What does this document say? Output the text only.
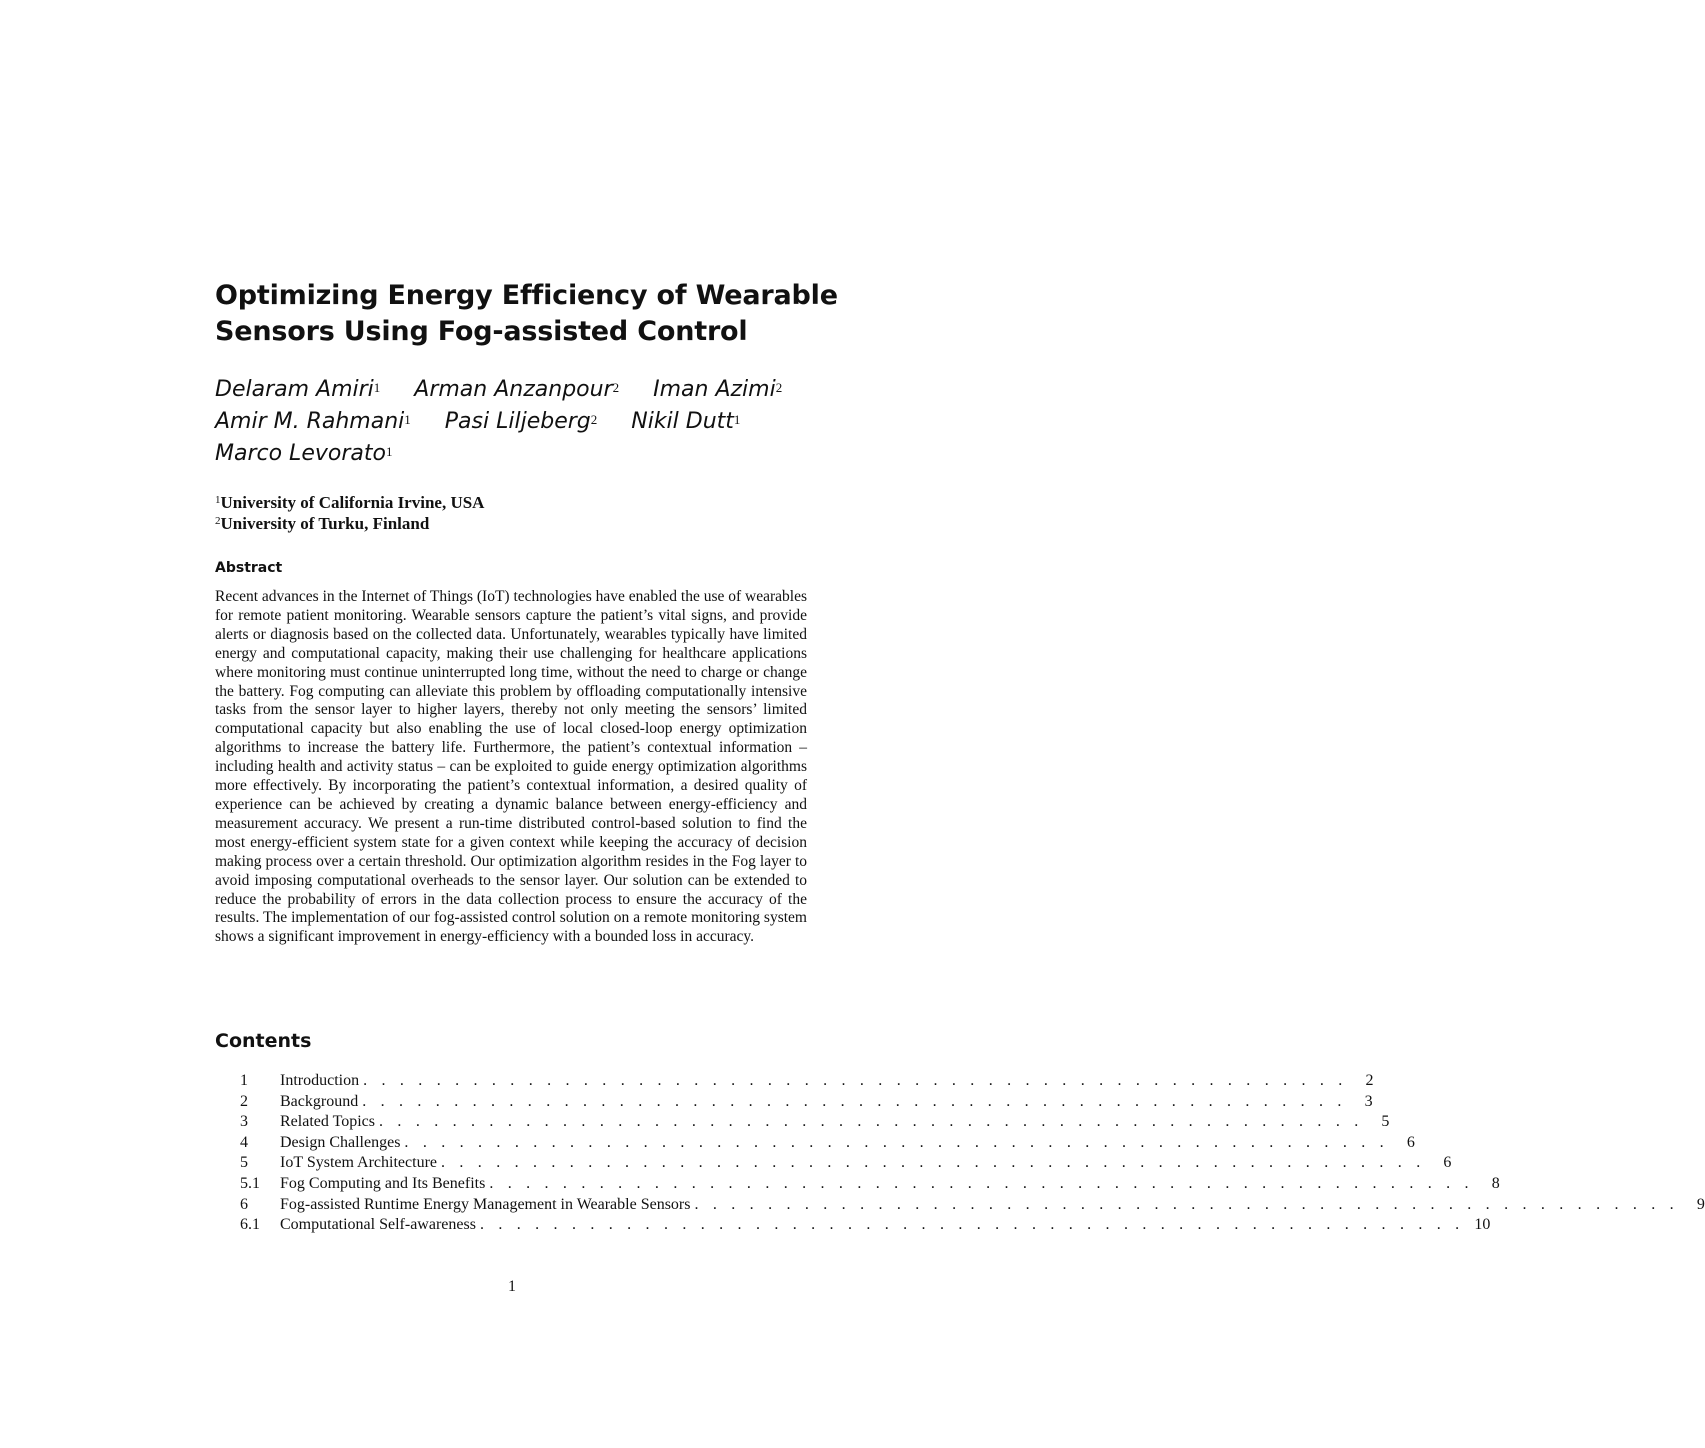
Optimizing Energy Efficiency of Wearable
Sensors Using Fog-assisted Control
Delaram Amiri$^1$ Arman Anzanpour$^2$ Iman Azimi$^2$
Amir M. Rahmani$^1$ Pasi Liljeberg$^2$ Nikil Dutt$^1$
Marco Levorato$^1$
$^1$University of California Irvine, USA
$^2$University of Turku, Finland
Abstract

Recent advances in the Internet of Things (IoT) technologies have enabled the use of wearables for remote patient monitoring. Wearable sensors capture the patient’s vital signs, and provide alerts or diagnosis based on the collected data. Unfortunately, wearables typically have limited energy and computational capacity, making their use challenging for healthcare applications where monitoring must continue uninterrupted long time, without the need to charge or change the battery. Fog computing can alleviate this problem by offloading computationally intensive tasks from the sensor layer to higher layers, thereby not only meeting the sensors’ limited computational capacity but also enabling the use of local closed-loop energy optimization algorithms to increase the battery life. Furthermore, the patient’s contextual information – including health and activity status – can be exploited to guide energy optimization algorithms more effectively. By incorporating the patient’s contextual information, a desired quality of experience can be achieved by creating a dynamic balance between energy-efficiency and measurement accuracy. We present a run-time distributed control-based solution to find the most energy-efficient system state for a given context while keeping the accuracy of decision making process over a certain threshold. Our optimization algorithm resides in the Fog layer to avoid imposing computational overheads to the sensor layer. Our solution can be extended to reduce the probability of errors in the data collection process to ensure the accuracy of the results. The implementation of our fog-assisted control solution on a remote monitoring system shows a significant improvement in energy-efficiency with a bounded loss in accuracy.

Contents
1	Introduction . . . . . . . . . . . . . . . . . . . . . . . . . . . . . . . . . . . . . . . . . . . . . . . . . . . . . .	2
2	Background . . . . . . . . . . . . . . . . . . . . . . . . . . . . . . . . . . . . . . . . . . . . . . . . . . . . . .	3
3	Related Topics . . . . . . . . . . . . . . . . . . . . . . . . . . . . . . . . . . . . . . . . . . . . . . . . . . . . . .	5
4	Design Challenges . . . . . . . . . . . . . . . . . . . . . . . . . . . . . . . . . . . . . . . . . . . . . . . . . . . . . .	6
5	IoT System Architecture . . . . . . . . . . . . . . . . . . . . . . . . . . . . . . . . . . . . . . . . . . . . . . . . . . . . . .	6
5.1	Fog Computing and Its Benefits . . . . . . . . . . . . . . . . . . . . . . . . . . . . . . . . . . . . . . . . . . . . . . . . . . . . . .	8
6	Fog-assisted Runtime Energy Management in Wearable Sensors . . . . . . . . . . . . . . . . . . . . . . . . . . . . . . . . . . . . . . . . . . . . . . . . . . . . . .	9
6.1	Computational Self-awareness . . . . . . . . . . . . . . . . . . . . . . . . . . . . . . . . . . . . . . . . . . . . . . . . . . . . . . 10
1
